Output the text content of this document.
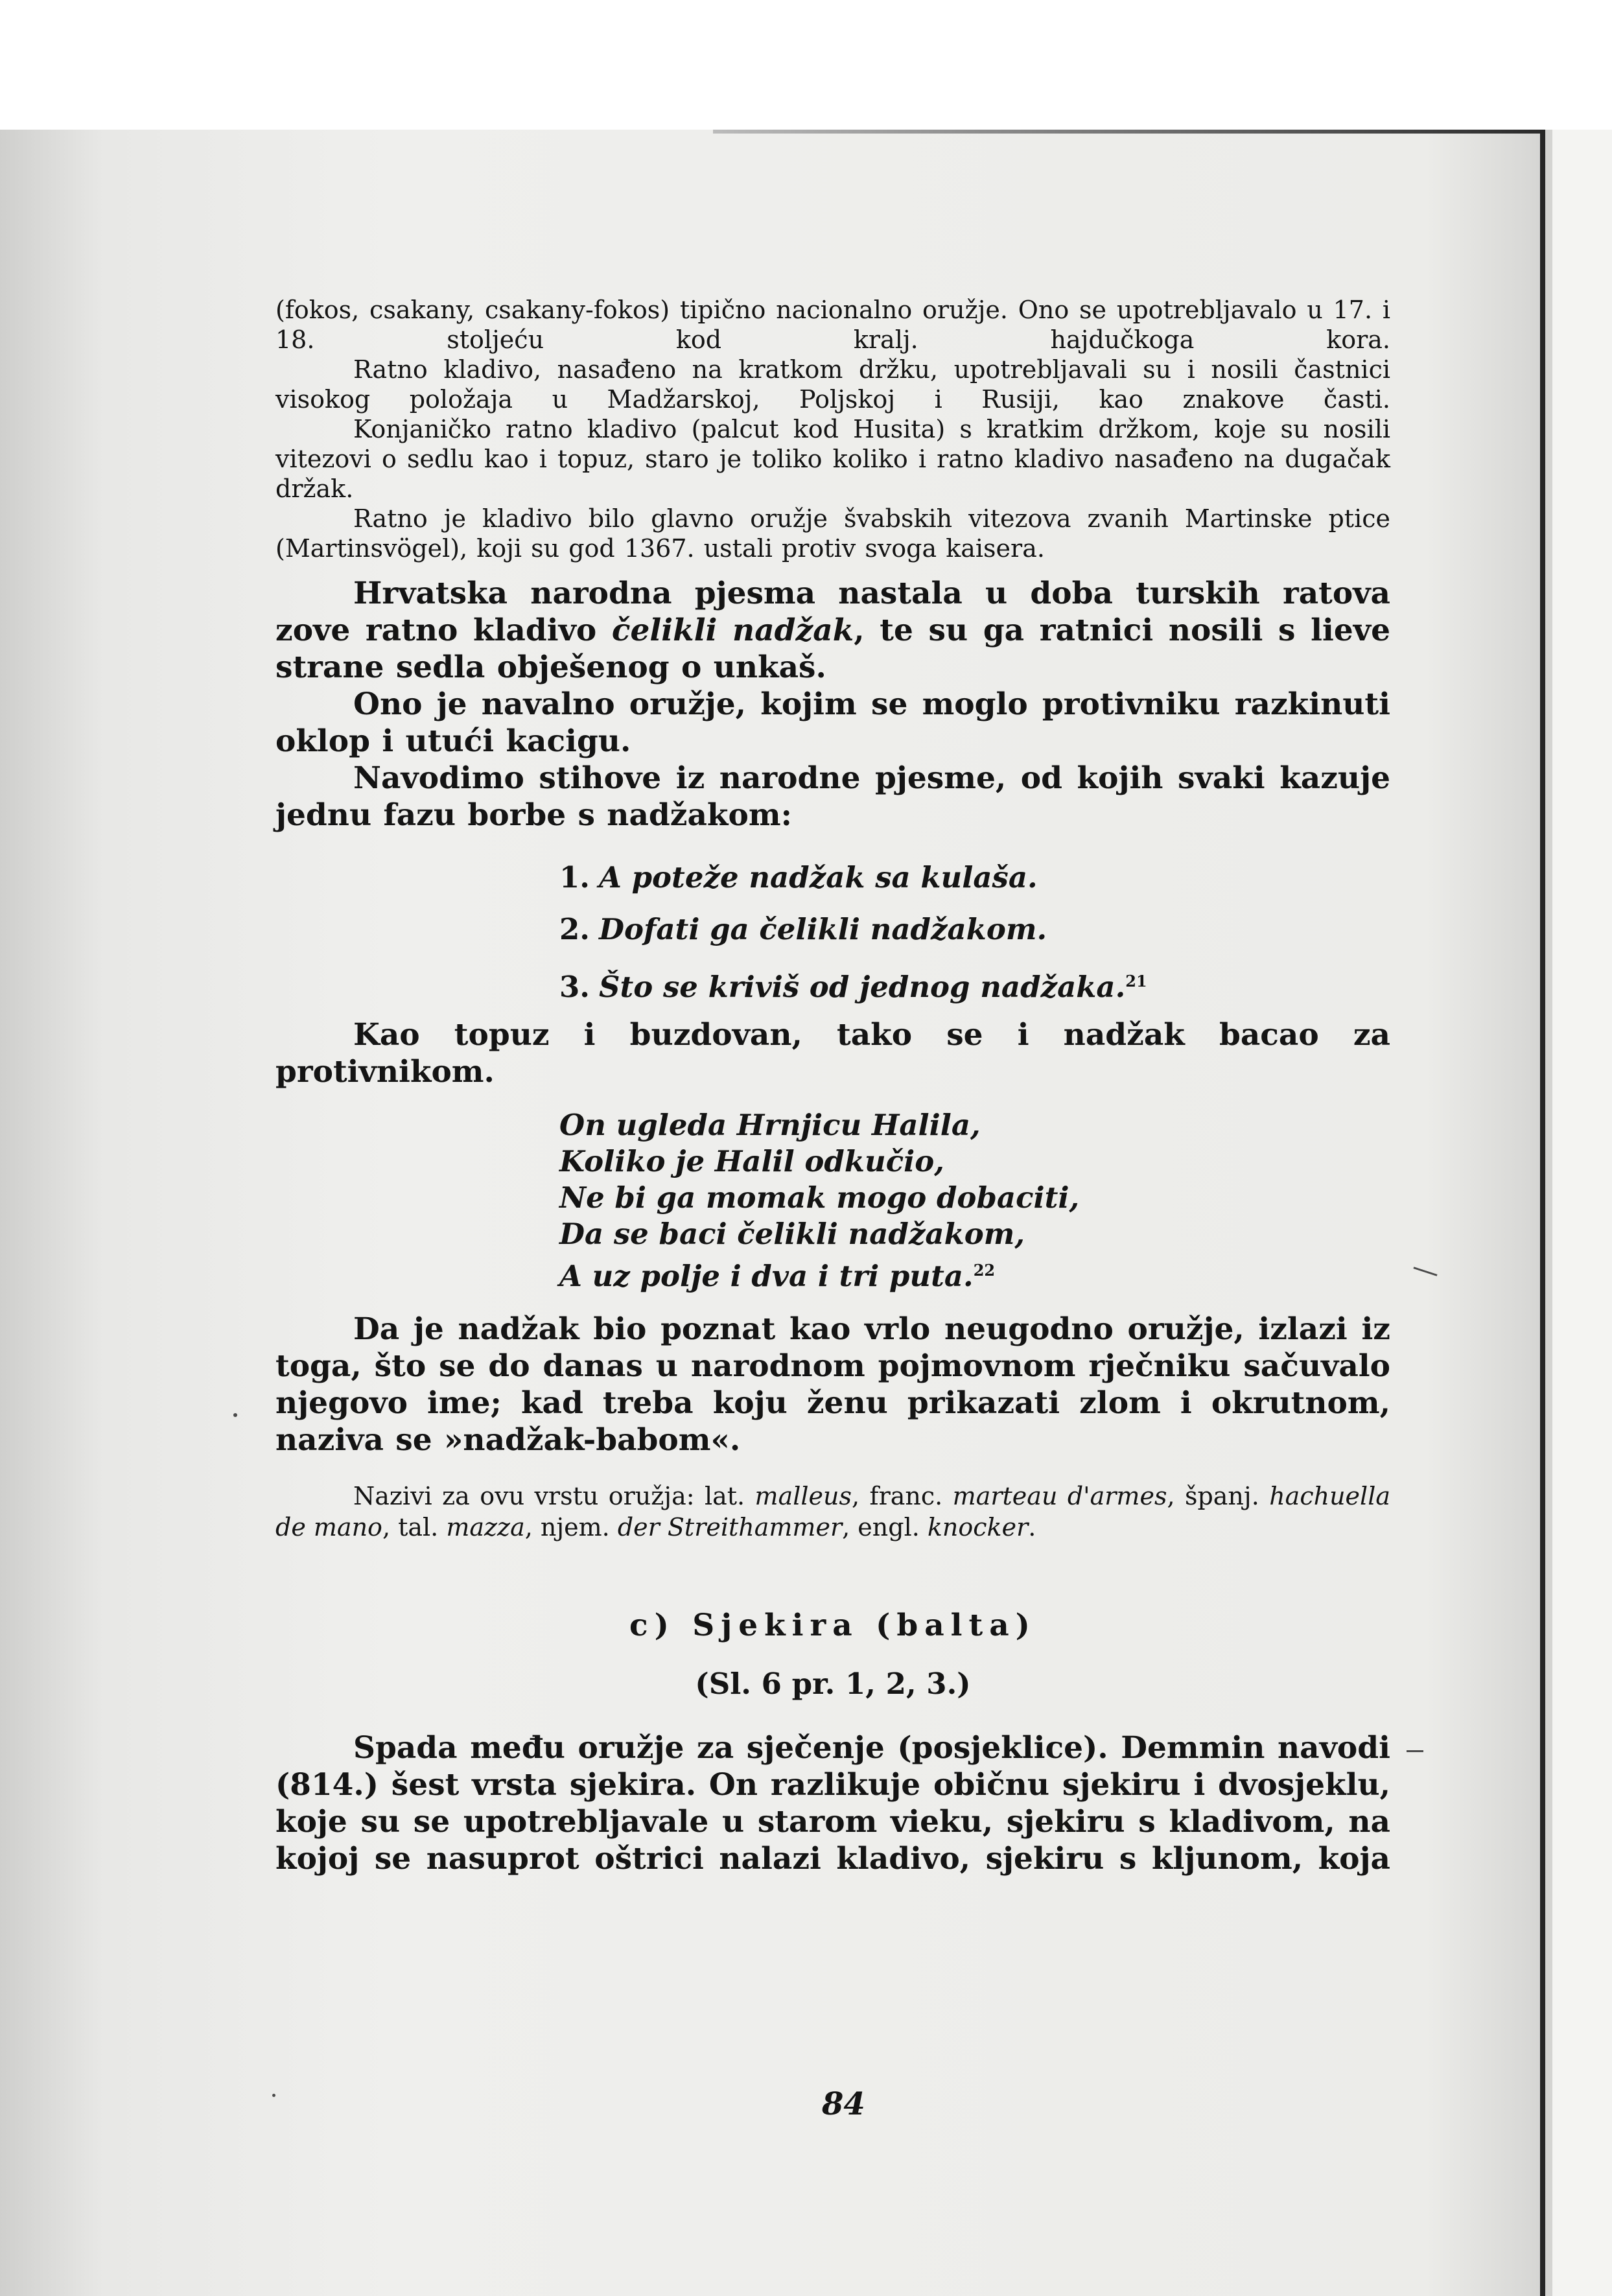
(fokos, csakany, csakany-fokos) tipično nacionalno oružje. Ono se upotrebljavalo u 17. i 18. stoljeću kod kralj. hajdučkoga kora.

Ratno kladivo, nasađeno na kratkom držku, upotrebljavali su i nosili častnici visokog položaja u Madžarskoj, Poljskoj i Rusiji, kao znakove časti.

Konjaničko ratno kladivo (palcut kod Husita) s kratkim držkom, koje su nosili vitezovi o sedlu kao i topuz, staro je toliko koliko i ratno kladivo nasađeno na dugačak držak.

Ratno je kladivo bilo glavno oružje švabskih vitezova zvanih Martinske ptice (Martinsvögel), koji su god 1367. ustali protiv svoga kaisera.

Hrvatska narodna pjesma nastala u doba turskih ratova zove ratno kladivo čelikli nadžak, te su ga ratnici nosili s lieve strane sedla obješenog o unkaš.

Ono je navalno oružje, kojim se moglo protivniku razkinuti oklop i utući kacigu.

Navodimo stihove iz narodne pjesme, od kojih svaki kazuje jednu fazu borbe s nadžakom:

1. A poteže nadžak sa kulaša.
2. Dofati ga čelikli nadžakom.
3. Što se kriviš od jednog nadžaka.$^{21}$

Kao topuz i buzdovan, tako se i nadžak bacao za protivnikom.

On ugleda Hrnjicu Halila,
Koliko je Halil odkučio,
Ne bi ga momak mogo dobaciti,
Da se baci čelikli nadžakom,
A uz polje i dva i tri puta.$^{22}$

Da je nadžak bio poznat kao vrlo neugodno oružje, izlazi iz toga, što se do danas u narodnom pojmovnom rječniku sačuvalo njegovo ime; kad treba koju ženu prikazati zlom i okrutnom, naziva se »nadžak-babom«.

Nazivi za ovu vrstu oružja: lat. malleus, franc. marteau d'armes, španj. hachuella de mano, tal. mazza, njem. der Streithammer, engl. knocker.

c) Sjekira (balta)
(Sl. 6 pr. 1, 2, 3.)

Spada među oružje za sječenje (posjeklice). Demmin navodi (814.) šest vrsta sjekira. On razlikuje običnu sjekiru i dvosjeklu, koje su se upotrebljavale u starom vieku, sjekiru s kladivom, na kojoj se nasuprot oštrici nalazi kladivo, sjekiru s kljunom, koja

84
